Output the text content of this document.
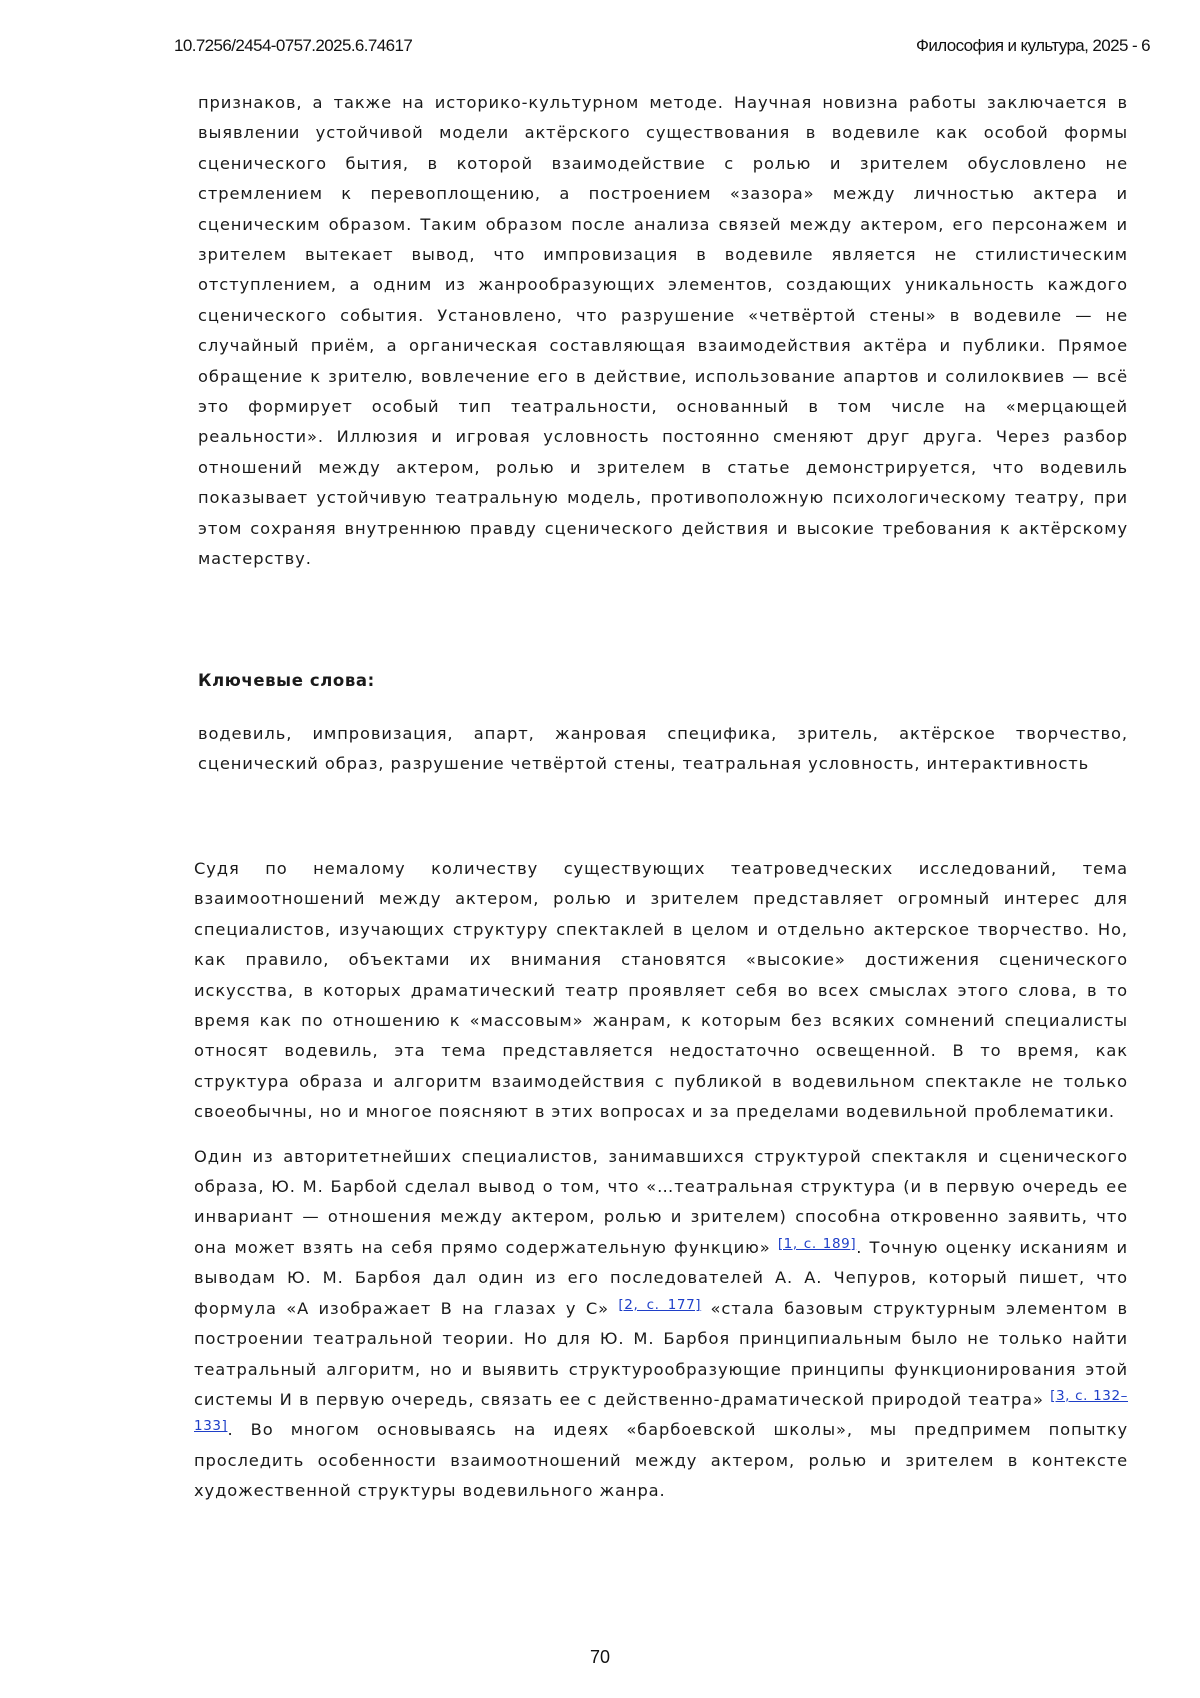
10.7256/2454-0757.2025.6.74617	Философия и культура, 2025 - 6
признаков, а также на историко-культурном методе. Научная новизна работы заключается в выявлении устойчивой модели актёрского существования в водевиле как особой формы сценического бытия, в которой взаимодействие с ролью и зрителем обусловлено не стремлением к перевоплощению, а построением «зазора» между личностью актера и сценическим образом. Таким образом после анализа связей между актером, его персонажем и зрителем вытекает вывод, что импровизация в водевиле является не стилистическим отступлением, а одним из жанрообразующих элементов, создающих уникальность каждого сценического события. Установлено, что разрушение «четвёртой стены» в водевиле — не случайный приём, а органическая составляющая взаимодействия актёра и публики. Прямое обращение к зрителю, вовлечение его в действие, использование апартов и солилоквиев — всё это формирует особый тип театральности, основанный в том числе на «мерцающей реальности». Иллюзия и игровая условность постоянно сменяют друг друга. Через разбор отношений между актером, ролью и зрителем в статье демонстрируется, что водевиль показывает устойчивую театральную модель, противоположную психологическому театру, при этом сохраняя внутреннюю правду сценического действия и высокие требования к актёрскому мастерству.
Ключевые слова:
водевиль, импровизация, апарт, жанровая специфика, зритель, актёрское творчество, сценический образ, разрушение четвёртой стены, театральная условность, интерактивность

Судя по немалому количеству существующих театроведческих исследований, тема взаимоотношений между актером, ролью и зрителем представляет огромный интерес для специалистов, изучающих структуру спектаклей в целом и отдельно актерское творчество. Но, как правило, объектами их внимания становятся «высокие» достижения сценического искусства, в которых драматический театр проявляет себя во всех смыслах этого слова, в то время как по отношению к «массовым» жанрам, к которым без всяких сомнений специалисты относят водевиль, эта тема представляется недостаточно освещенной. В то время, как структура образа и алгоритм взаимодействия с публикой в водевильном спектакле не только своеобычны, но и многое поясняют в этих вопросах и за пределами водевильной проблематики.

Один из авторитетнейших специалистов, занимавшихся структурой спектакля и сценического образа, Ю. М. Барбой сделал вывод о том, что «…театральная структура (и в первую очередь ее инвариант — отношения между актером, ролью и зрителем) способна откровенно заявить, что она может взять на себя прямо содержательную функцию» [1, с. 189]. Точную оценку исканиям и выводам Ю. М. Барбоя дал один из его последователей А. А. Чепуров, который пишет, что формула «А изображает В на глазах у С» [2, с. 177] «стала базовым структурным элементом в построении театральной теории. Но для Ю. М. Барбоя принципиальным было не только найти театральный алгоритм, но и выявить структурообразующие принципы функционирования этой системы И в первую очередь, связать ее с действенно-драматической природой театра» [3, с. 132–133]. Во многом основываясь на идеях «барбоевской школы», мы предпримем попытку проследить особенности взаимоотношений между актером, ролью и зрителем в контексте художественной структуры водевильного жанра.

70
